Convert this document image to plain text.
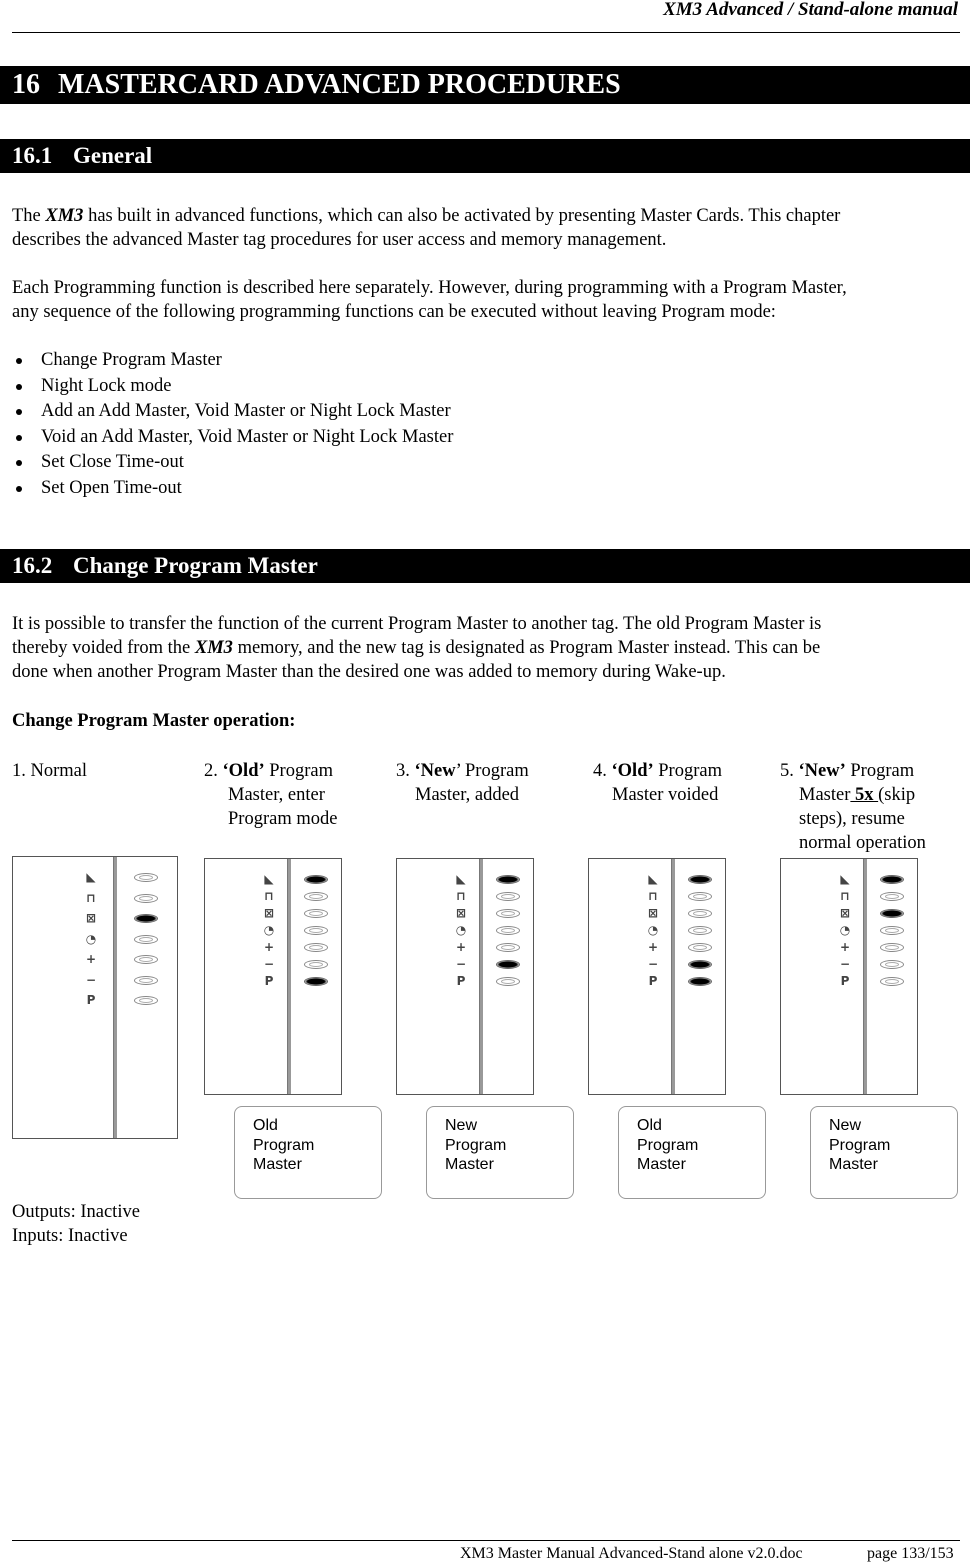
XM3 Advanced / Stand-alone manual
16 MASTERCARD ADVANCED PROCEDURES
16.1 General
The XM3 has built in advanced functions, which can also be activated by presenting Master Cards. This chapter
describes the advanced Master tag procedures for user access and memory management.
Each Programming function is described here separately. However, during programming with a Program Master,
any sequence of the following programming functions can be executed without leaving Program mode:
Change Program Master
Night Lock mode
Add an Add Master, Void Master or Night Lock Master
Void an Add Master, Void Master or Night Lock Master
Set Close Time-out
Set Open Time-out
16.2 Change Program Master
It is possible to transfer the function of the current Program Master to another tag. The old Program Master is
thereby voided from the XM3 memory, and the new tag is designated as Program Master instead. This can be
done when another Program Master than the desired one was added to memory during Wake-up.
Change Program Master operation:
1. Normal	2. ‘Old’ Program
Master, enter
Program mode
3. ‘New’ Program
Master, added
4. ‘Old’ Program
Master voided
5. ‘New’ Program
Master 5x (skip
steps), resume
normal operation
◣
⊓
⊠
◔
+
−
P
◣
⊓
⊠
◔
+
−
P
◣
⊓
⊠
◔
+
−
P
◣
⊓
⊠
◔
+
−
P
◣
⊓
⊠
◔
+
−
P
Old
Program
Master
New
Program
Master
Old
Program
Master
New
Program
Master
Outputs: Inactive
Inputs: Inactive
XM3 Master Manual Advanced-Stand alone v2.0.doc	page 133/153
